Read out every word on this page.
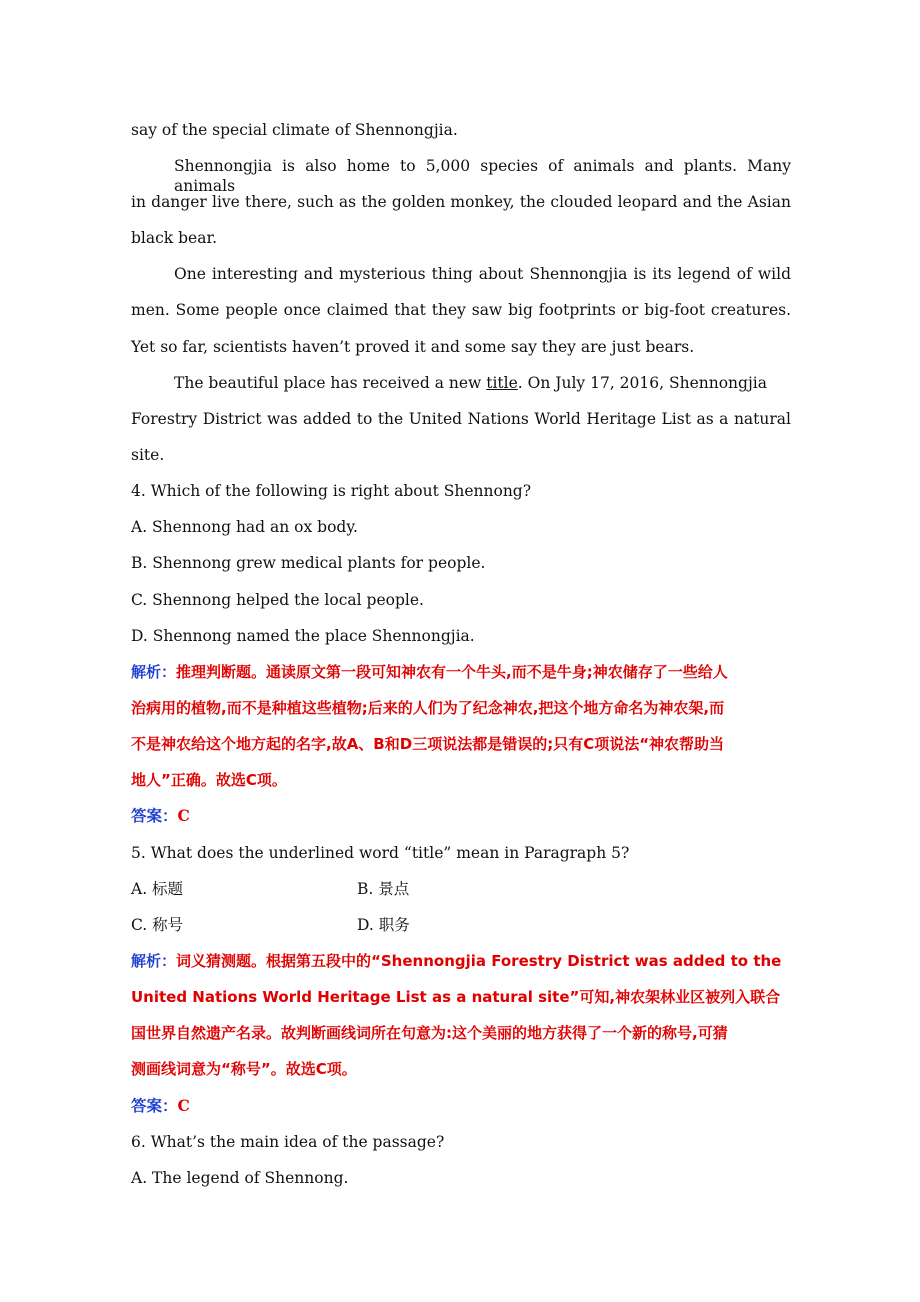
say of the special climate of Shennongjia.
Shennongjia is also home to 5,000 species of animals and plants. Many animals
in danger live there, such as the golden monkey, the clouded leopard and the Asian
black bear.
One interesting and mysterious thing about Shennongjia is its legend of wild
men. Some people once claimed that they saw big footprints or big-foot creatures.
Yet so far, scientists haven’t proved it and some say they are just bears.
The beautiful place has received a new title. On July 17, 2016, Shennongjia
Forestry District was added to the United Nations World Heritage List as a natural
site.
4. Which of the following is right about Shennong?
A. Shennong had an ox body.
B. Shennong grew medical plants for people.
C. Shennong helped the local people.
D. Shennong named the place Shennongjia.
解析：推理判断题。通读原文第一段可知神农有一个牛头,而不是牛身;神农储存了一些给人
治病用的植物,而不是种植这些植物;后来的人们为了纪念神农,把这个地方命名为神农架,而
不是神农给这个地方起的名字,故A、B和D三项说法都是错误的;只有C项说法“神农帮助当
地人”正确。故选C项。
答案：C
5. What does the underlined word “title” mean in Paragraph 5?
A. 标题	B. 景点
C. 称号	D. 职务
解析：词义猜测题。根据第五段中的“Shennongjia Forestry District was added to the
United Nations World Heritage List as a natural site”可知,神农架林业区被列入联合
国世界自然遗产名录。故判断画线词所在句意为:这个美丽的地方获得了一个新的称号,可猜
测画线词意为“称号”。故选C项。
答案：C
6. What’s the main idea of the passage?
A. The legend of Shennong.
